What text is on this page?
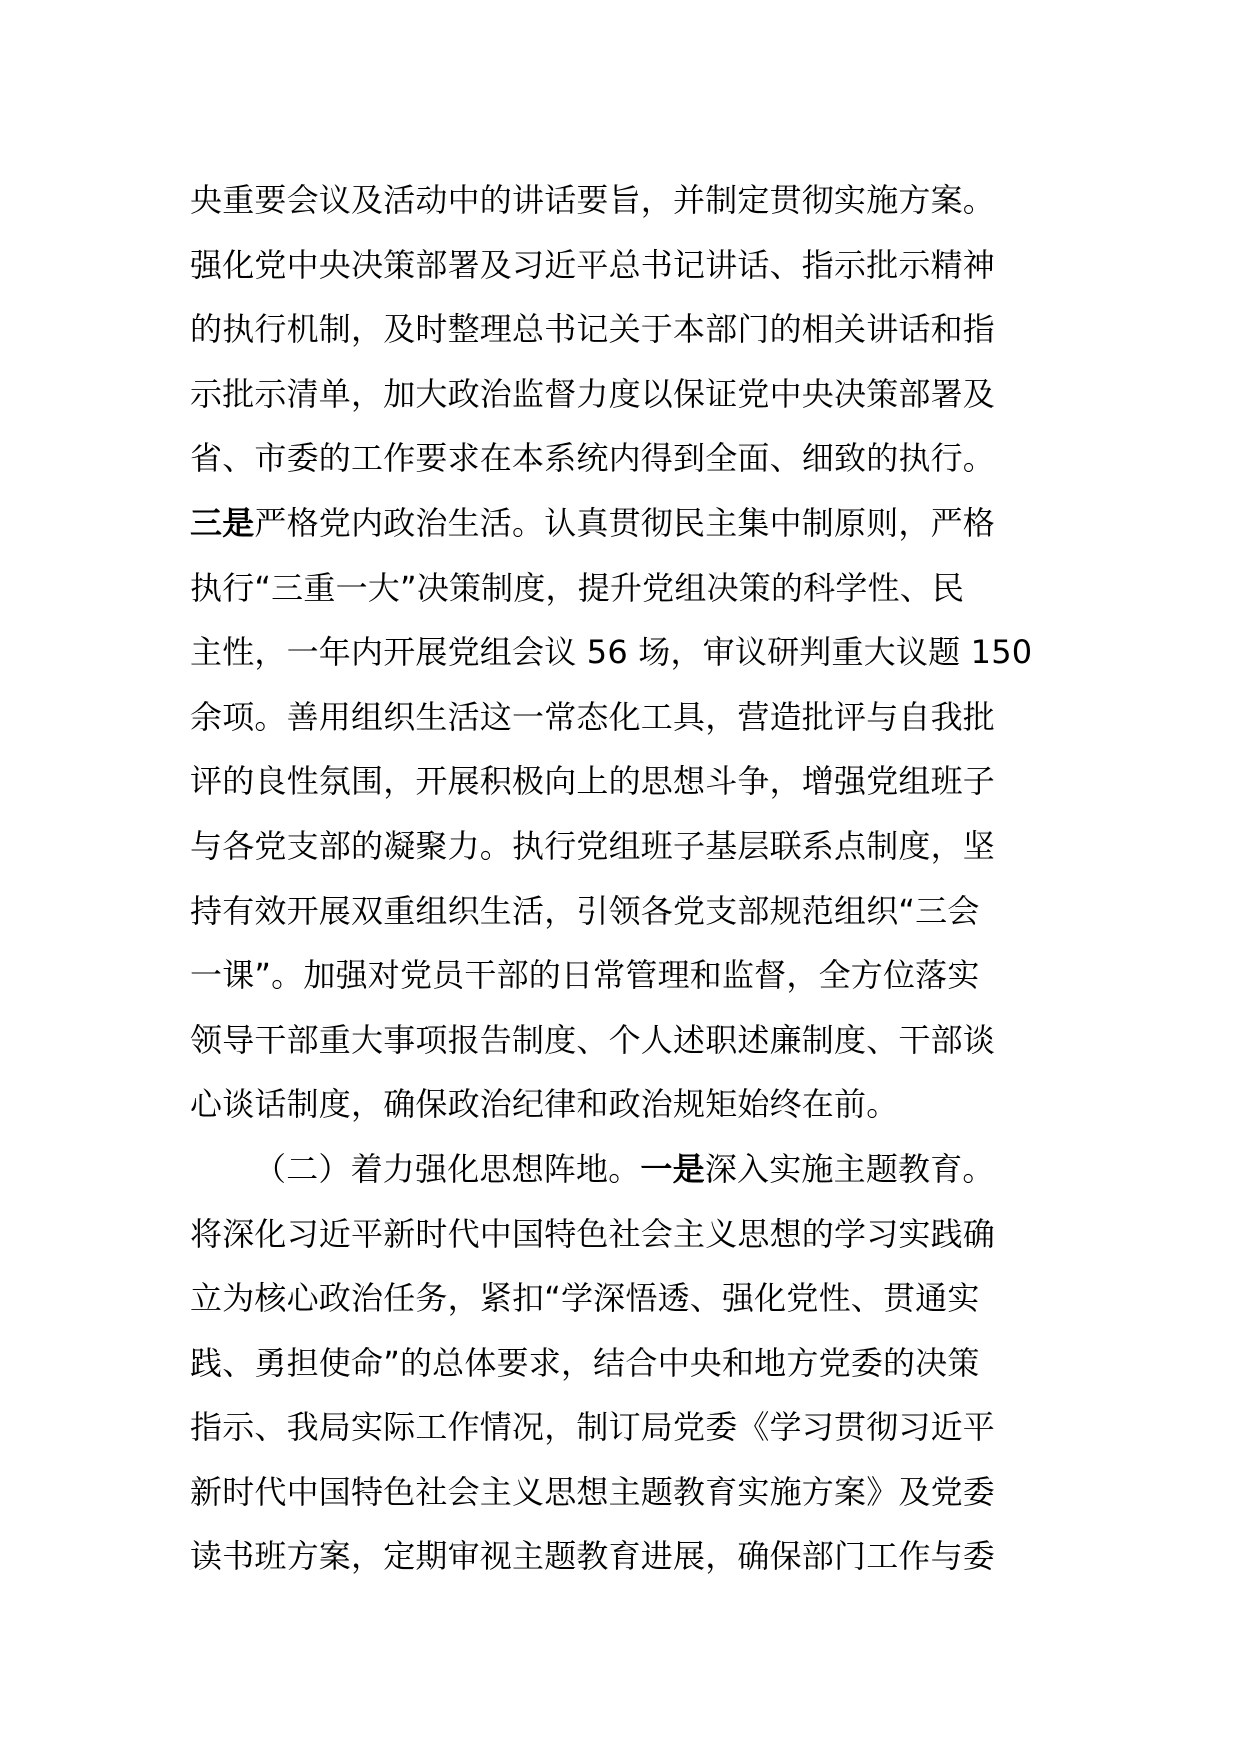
央重要会议及活动中的讲话要旨，并制定贯彻实施方案。
强化党中央决策部署及习近平总书记讲话、指示批示精神
的执行机制，及时整理总书记关于本部门的相关讲话和指
示批示清单，加大政治监督力度以保证党中央决策部署及
省、市委的工作要求在本系统内得到全面、细致的执行。
三是严格党内政治生活。认真贯彻民主集中制原则，严格
执行“三重一大”决策制度，提升党组决策的科学性、民
主性，一年内开展党组会议 56 场，审议研判重大议题 150
余项。善用组织生活这一常态化工具，营造批评与自我批
评的良性氛围，开展积极向上的思想斗争，增强党组班子
与各党支部的凝聚力。执行党组班子基层联系点制度，坚
持有效开展双重组织生活，引领各党支部规范组织“三会
一课”。加强对党员干部的日常管理和监督，全方位落实
领导干部重大事项报告制度、个人述职述廉制度、干部谈
心谈话制度，确保政治纪律和政治规矩始终在前。
（二）着力强化思想阵地。一是深入实施主题教育。
将深化习近平新时代中国特色社会主义思想的学习实践确
立为核心政治任务，紧扣“学深悟透、强化党性、贯通实
践、勇担使命”的总体要求，结合中央和地方党委的决策
指示、我局实际工作情况，制订局党委《学习贯彻习近平
新时代中国特色社会主义思想主题教育实施方案》及党委
读书班方案，定期审视主题教育进展，确保部门工作与委
